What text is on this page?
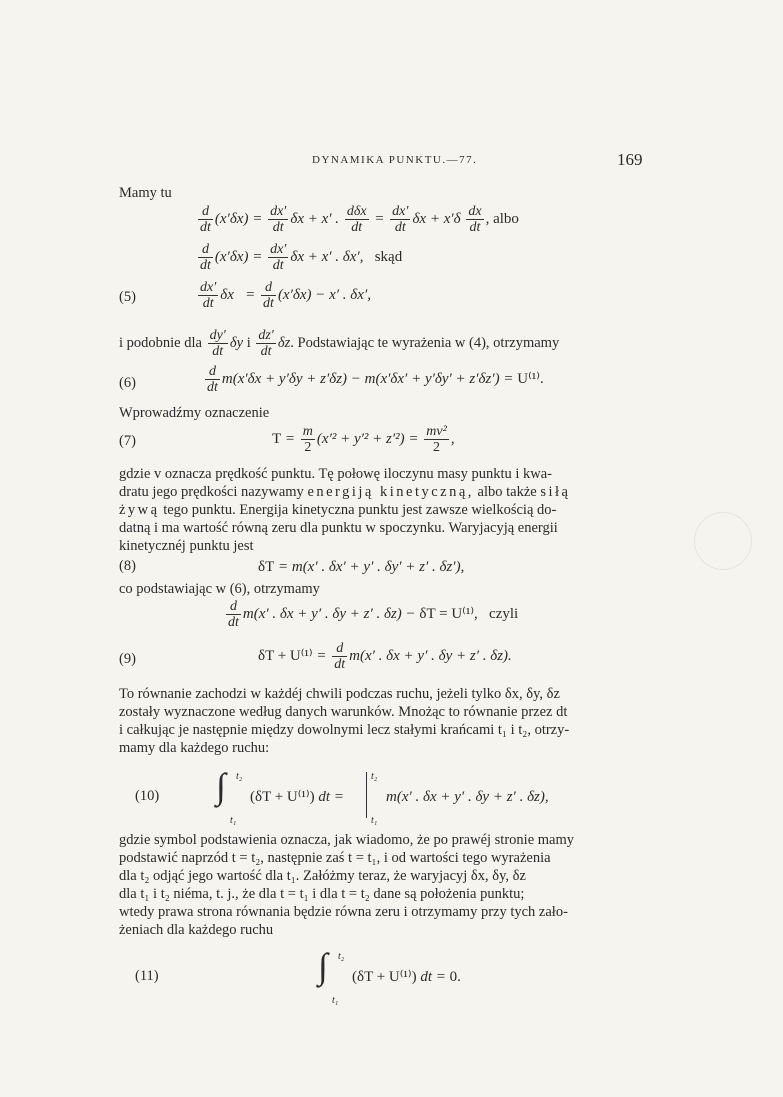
DYNAMIKA PUNKTU.—77.	169
Mamy tu
$\frac{d}{dt} (x'\delta x) = \frac{dx'}{dt}$ δx + x′ . $\frac{\text{dδx}}{dt} = \frac{dx'}{dt}$ $\delta x + x'\delta \frac{dx}{dt}$ , albo
$\frac{d}{dt} (x'\delta x) = \frac{dx'}{dt}$ δx + x′ . δx′,   skąd
(5)	$\frac{dx'}{dt}$ $\delta x = \frac{d}{dt} (x'\delta x) - x'$ . δx′,
i podobnie dla $\frac{dy'}{dt}$ δy i $\frac{dz'}{dt} \delta z$. Podstawiając te wyrażenia w (4), otrzymamy
(6)	$\frac{d}{dt} m(x'\delta x + y'\delta y + z'\delta z) - m(x'\delta x' + y'\delta y' + z'\delta z') = U^{(1)}$.
Wprowadźmy oznaczenie
(7)	$T = \frac{m}{2} (x'^2 + y'^2 + z'^2) = \frac{\text{mv²}}{2}$ ,
gdzie v oznacza prędkość punktu. Tę połowę iloczynu masy punktu i kwa-
dratu jego prędkości nazywamy energiją kinetyczną, albo także siłą
żywą tego punktu. Energija kinetyczna punktu jest zawsze wielkością do-
datną i ma wartość równą zeru dla punktu w spoczynku. Waryjacyją energii
kinetycznéj punktu jest
(8)	δT = m(x′ . δx′ + y′ . δy′ + z′ . δz′),
co podstawiając w (6), otrzymamy
$\frac{d}{dt} m(x'$ . δx + y′ . δy + z′ . δz) − δT = U⁽¹⁾, czyli
(9)	$\delta T + U^{(1)} = \frac{d}{dt} m(x'$ . δx + y′ . δy + z′ . δz).
To równanie zachodzi w każdéj chwili podczas ruchu, jeżeli tylko δx, δy, δz
zostały wyznaczone według danych warunków. Mnożąc to równanie przez dt
i całkując je następnie między dowolnymi lecz stałymi krańcami t₁ i t₂, otrzy-
mamy dla każdego ruchu:
(10) ∫ t₂
t₁
(δT + U⁽¹⁾) dt =
t₂
t₁
m(x′ . δx + y′ . δy + z′ . δz),
gdzie symbol podstawienia oznacza, jak wiadomo, że po prawéj stronie mamy
podstawić naprzód t = t₂, następnie zaś t = t₁, i od wartości tego wyrażenia
dla t₂ odjąć jego wartość dla t₁. Załóżmy teraz, że waryjacyj δx, δy, δz
dla t₁ i t₂ niéma, t. j., że dla t = t₁ i dla t = t₂ dane są położenia punktu;
wtedy prawa strona równania będzie równa zeru i otrzymamy przy tych zało-
żeniach dla każdego ruchu
(11)	∫ t₂
t₁
(δT + U⁽¹⁾) dt = 0.
